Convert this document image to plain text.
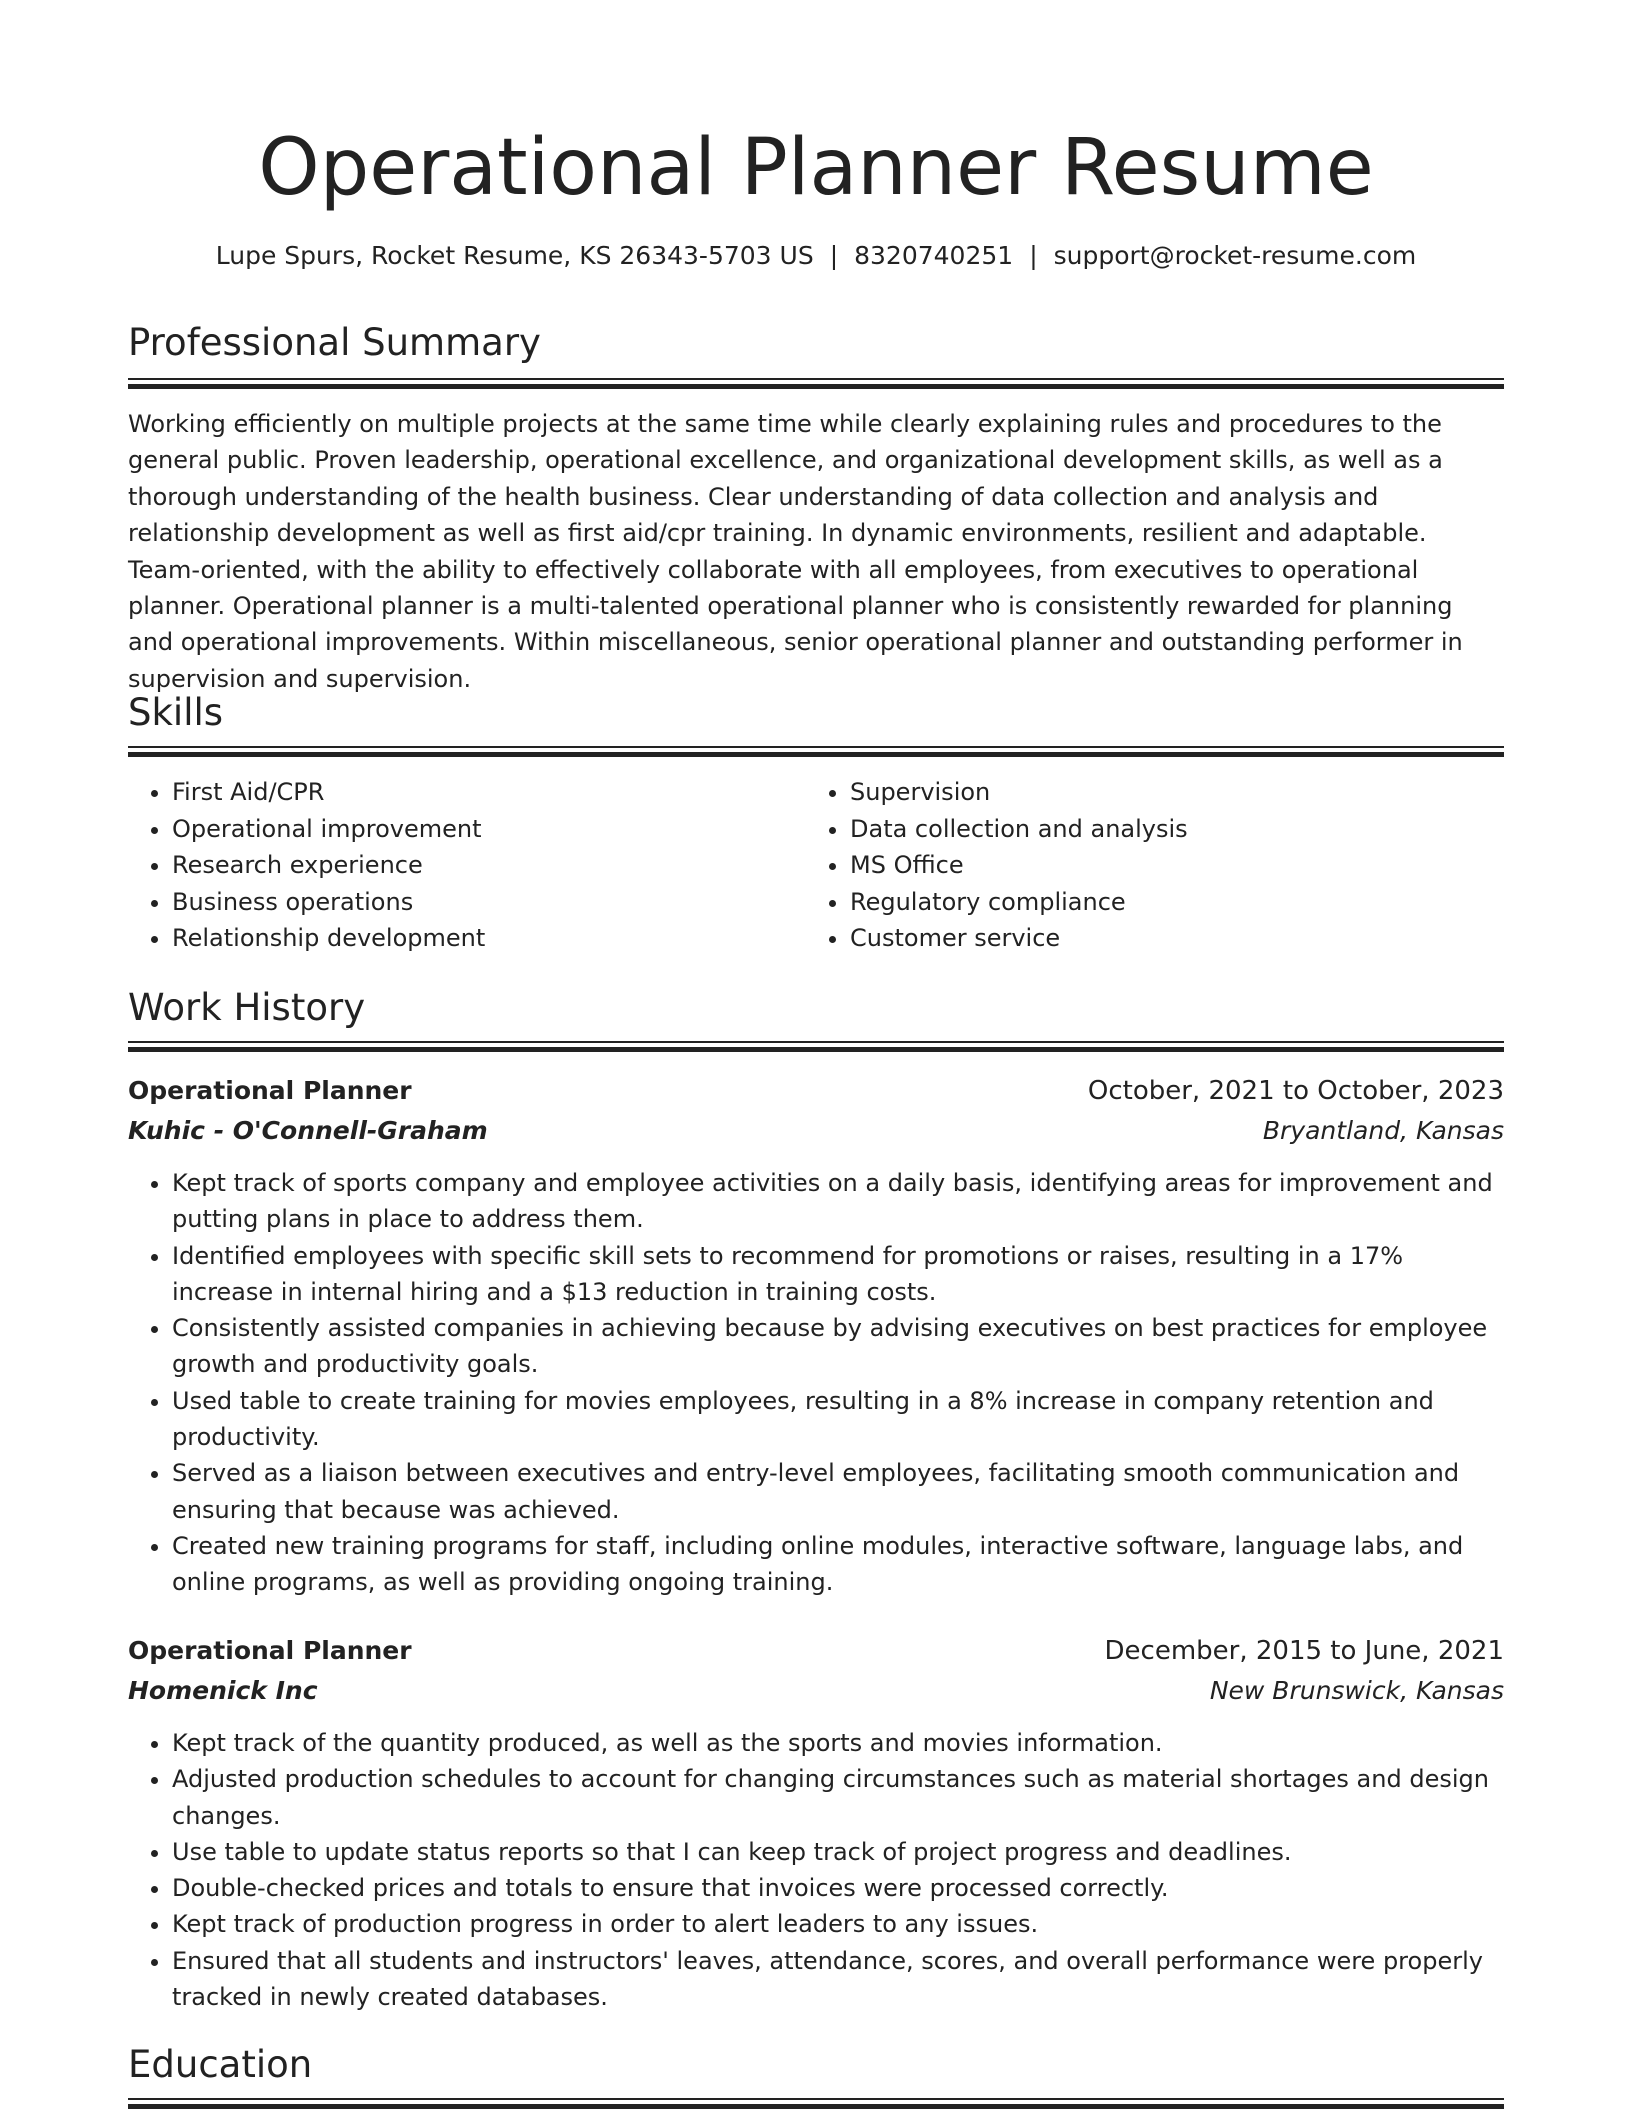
Operational Planner Resume
Lupe Spurs, Rocket Resume, KS 26343-5703 US | 8320740251 | support@rocket-resume.com
Professional Summary

Working efficiently on multiple projects at the same time while clearly explaining rules and procedures to the general public. Proven leadership, operational excellence, and organizational development skills, as well as a thorough understanding of the health business. Clear understanding of data collection and analysis and relationship development as well as first aid/cpr training. In dynamic environments, resilient and adaptable. Team-oriented, with the ability to effectively collaborate with all employees, from executives to operational planner. Operational planner is a multi-talented operational planner who is consistently rewarded for planning and operational improvements. Within miscellaneous, senior operational planner and outstanding performer in supervision and supervision.

Skills
• First Aid/CPR
• Operational improvement
• Research experience
• Business operations
• Relationship development
• Supervision
• Data collection and analysis
• MS Office
• Regulatory compliance
• Customer service
Work History
Operational Planner	October, 2021 to October, 2023
Kuhic - O'Connell-Graham	Bryantland, Kansas
• Kept track of sports company and employee activities on a daily basis, identifying areas for improvement and putting plans in place to address them.
• Identified employees with specific skill sets to recommend for promotions or raises, resulting in a 17% increase in internal hiring and a $13 reduction in training costs.
• Consistently assisted companies in achieving because by advising executives on best practices for employee growth and productivity goals.
• Used table to create training for movies employees, resulting in a 8% increase in company retention and productivity.
• Served as a liaison between executives and entry-level employees, facilitating smooth communication and ensuring that because was achieved.
• Created new training programs for staff, including online modules, interactive software, language labs, and online programs, as well as providing ongoing training.
Operational Planner	December, 2015 to June, 2021
Homenick Inc	New Brunswick, Kansas
• Kept track of the quantity produced, as well as the sports and movies information.
• Adjusted production schedules to account for changing circumstances such as material shortages and design changes.
• Use table to update status reports so that I can keep track of project progress and deadlines.
• Double-checked prices and totals to ensure that invoices were processed correctly.
• Kept track of production progress in order to alert leaders to any issues.
• Ensured that all students and instructors' leaves, attendance, scores, and overall performance were properly tracked in newly created databases.
Education
